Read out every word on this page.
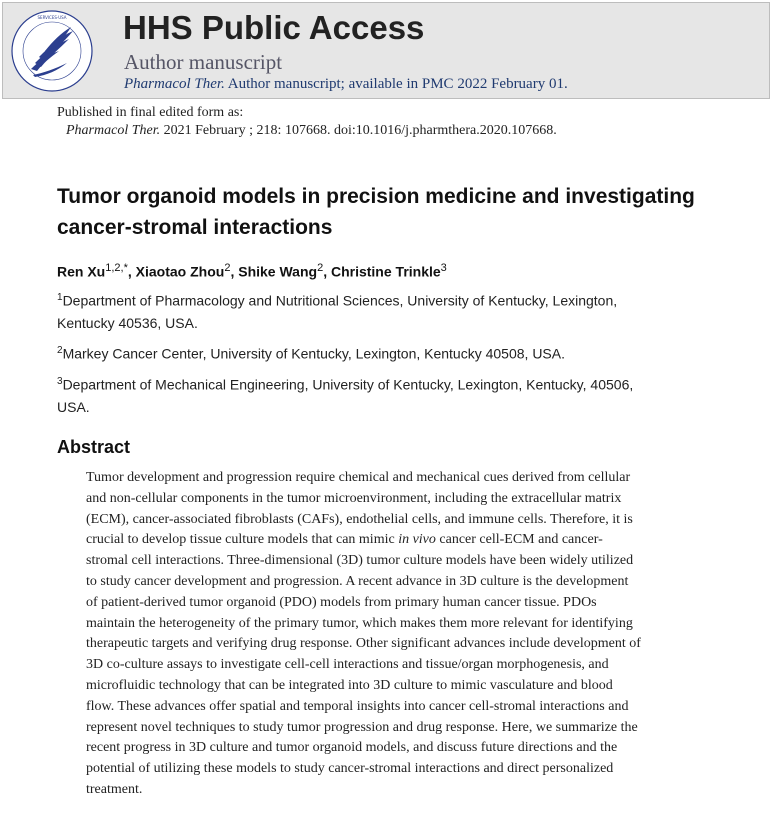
SERVICES·USA HHS Public Access
Author manuscript
Pharmacol Ther. Author manuscript; available in PMC 2022 February 01.
Published in final edited form as:
Pharmacol Ther. 2021 February ; 218: 107668. doi:10.1016/j.pharmthera.2020.107668.
Tumor organoid models in precision medicine and investigating
cancer-stromal interactions
Ren $Xu^{1,2,*}$, Xiaotao Zhou$^2$, Shike Wang$^2$, Christine Trinkle$^3$
$^1$Department of Pharmacology and Nutritional Sciences, University of Kentucky, Lexington,
Kentucky 40536, USA.
$^2$Markey Cancer Center, University of Kentucky, Lexington, Kentucky 40508, USA.
$^3$Department of Mechanical Engineering, University of Kentucky, Lexington, Kentucky, 40506,
USA.
Abstract
Tumor development and progression require chemical and mechanical cues derived from cellular
and non-cellular components in the tumor microenvironment, including the extracellular matrix
(ECM), cancer-associated fibroblasts (CAFs), endothelial cells, and immune cells. Therefore, it is
crucial to develop tissue culture models that can mimic in vivo cancer cell-ECM and cancer-
stromal cell interactions. Three-dimensional (3D) tumor culture models have been widely utilized
to study cancer development and progression. A recent advance in 3D culture is the development
of patient-derived tumor organoid (PDO) models from primary human cancer tissue. PDOs
maintain the heterogeneity of the primary tumor, which makes them more relevant for identifying
therapeutic targets and verifying drug response. Other significant advances include development of
3D co-culture assays to investigate cell-cell interactions and tissue/organ morphogenesis, and
microfluidic technology that can be integrated into 3D culture to mimic vasculature and blood
flow. These advances offer spatial and temporal insights into cancer cell-stromal interactions and
represent novel techniques to study tumor progression and drug response. Here, we summarize the
recent progress in 3D culture and tumor organoid models, and discuss future directions and the
potential of utilizing these models to study cancer-stromal interactions and direct personalized
treatment.
